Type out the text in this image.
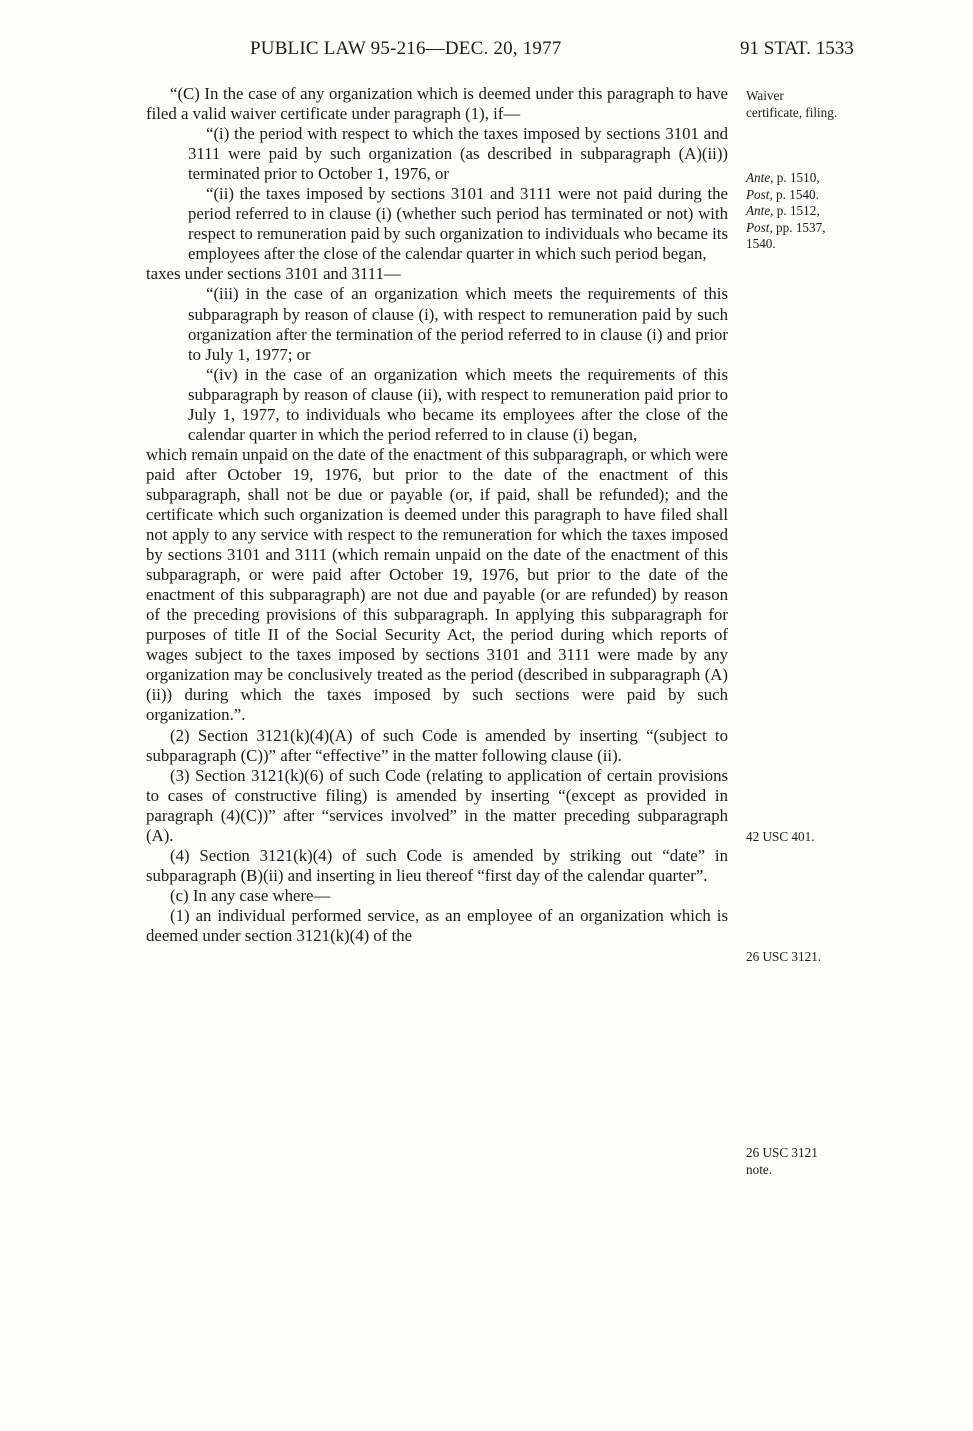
PUBLIC LAW 95-216—DEC. 20, 1977	91 STAT. 1533

“(C) In the case of any organization which is deemed under this paragraph to have filed a valid waiver certificate under paragraph (1), if—

“(i) the period with respect to which the taxes imposed by sections 3101 and 3111 were paid by such organization (as described in subparagraph (A)(ii)) terminated prior to October 1, 1976, or

“(ii) the taxes imposed by sections 3101 and 3111 were not paid during the period referred to in clause (i) (whether such period has terminated or not) with respect to remuneration paid by such organization to individuals who became its employees after the close of the calendar quarter in which such period began,

taxes under sections 3101 and 3111—

“(iii) in the case of an organization which meets the requirements of this subparagraph by reason of clause (i), with respect to remuneration paid by such organization after the termination of the period referred to in clause (i) and prior to July 1, 1977; or

“(iv) in the case of an organization which meets the requirements of this subparagraph by reason of clause (ii), with respect to remuneration paid prior to July 1, 1977, to individuals who became its employees after the close of the calendar quarter in which the period referred to in clause (i) began,

which remain unpaid on the date of the enactment of this subparagraph, or which were paid after October 19, 1976, but prior to the date of the enactment of this subparagraph, shall not be due or payable (or, if paid, shall be refunded); and the certificate which such organization is deemed under this paragraph to have filed shall not apply to any service with respect to the remuneration for which the taxes imposed by sections 3101 and 3111 (which remain unpaid on the date of the enactment of this subparagraph, or were paid after October 19, 1976, but prior to the date of the enactment of this subparagraph) are not due and payable (or are refunded) by reason of the preceding provisions of this subparagraph. In applying this subparagraph for purposes of title II of the Social Security Act, the period during which reports of wages subject to the taxes imposed by sections 3101 and 3111 were made by any organization may be conclusively treated as the period (described in subparagraph (A)(ii)) during which the taxes imposed by such sections were paid by such organization.”.

(2) Section 3121(k)(4)(A) of such Code is amended by inserting “(subject to subparagraph (C))” after “effective” in the matter following clause (ii).

(3) Section 3121(k)(6) of such Code (relating to application of certain provisions to cases of constructive filing) is amended by inserting “(except as provided in paragraph (4)(C))” after “services involved” in the matter preceding subparagraph (A).

(4) Section 3121(k)(4) of such Code is amended by striking out “date” in subparagraph (B)(ii) and inserting in lieu thereof “first day of the calendar quarter”.

(c) In any case where—

(1) an individual performed service, as an employee of an organization which is deemed under section 3121(k)(4) of the

Waiver
certificate, filing.
Ante, p. 1510,
Post, p. 1540.
Ante, p. 1512,
Post, pp. 1537,
1540.
42 USC 401.
26 USC 3121.
26 USC 3121
note.
